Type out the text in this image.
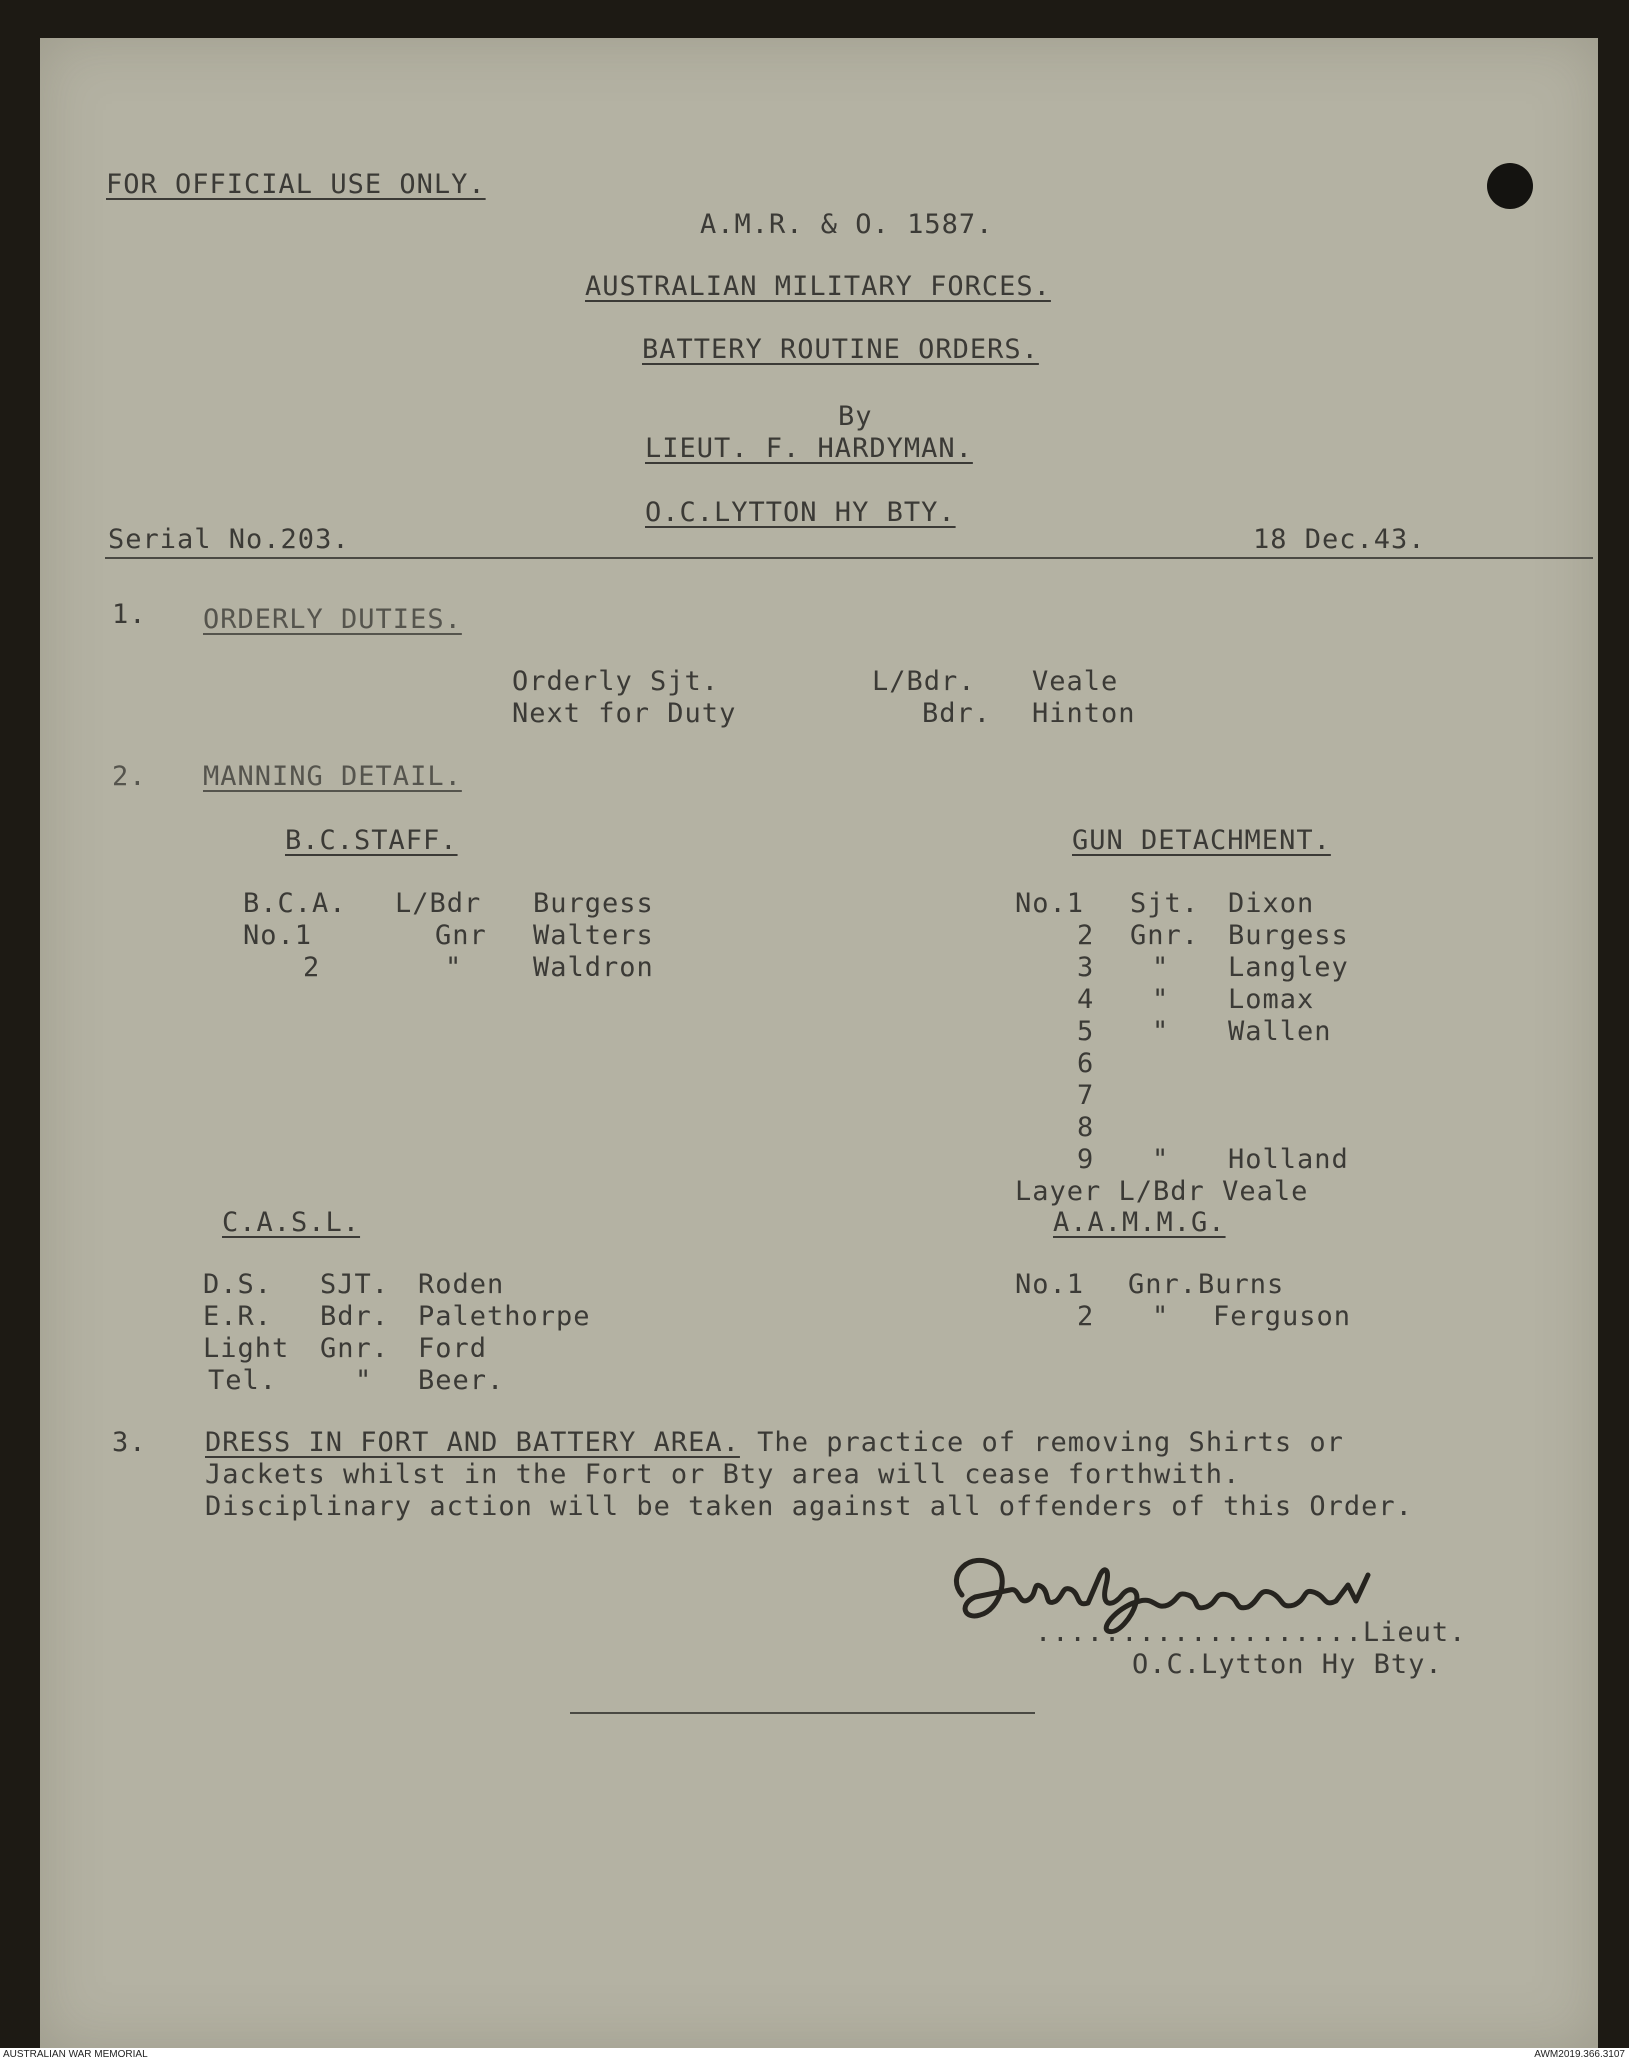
FOR OFFICIAL USE ONLY.
A.M.R. & O. 1587.
AUSTRALIAN MILITARY FORCES.
BATTERY ROUTINE ORDERS.
By
LIEUT. F. HARDYMAN.
O.C.LYTTON HY BTY.
Serial No.203.	18 Dec.43.
1. ORDERLY DUTIES.
Orderly Sjt.	L/Bdr. Veale
Next for Duty	Bdr. Hinton
2. MANNING DETAIL.
B.C.STAFF.
B.C.A. L/Bdr Burgess
No.1	Gnr Walters
2	"	Waldron
GUN DETACHMENT.
No.1 Sjt. Dixon
2 Gnr. Burgess
3 " Langley
4 " Lomax
5 " Wallen
6
7
8
9 " Holland
Layer L/Bdr Veale
C.A.S.L.	A.A.M.M.G.
D.S. SJT. Roden
E.R. Bdr. Palethorpe
Light Gnr. Ford
Tel.	" Beer.
No.1 Gnr. Burns
2 " Ferguson
3. DRESS IN FORT AND BATTERY AREA. The practice of removing Shirts or
Jackets whilst in the Fort or Bty area will cease forthwith.
Disciplinary action will be taken against all offenders of this Order.
...................Lieut.
O.C.Lytton Hy Bty.
AUSTRALIAN WAR MEMORIAL	AWM2019.366.3107
